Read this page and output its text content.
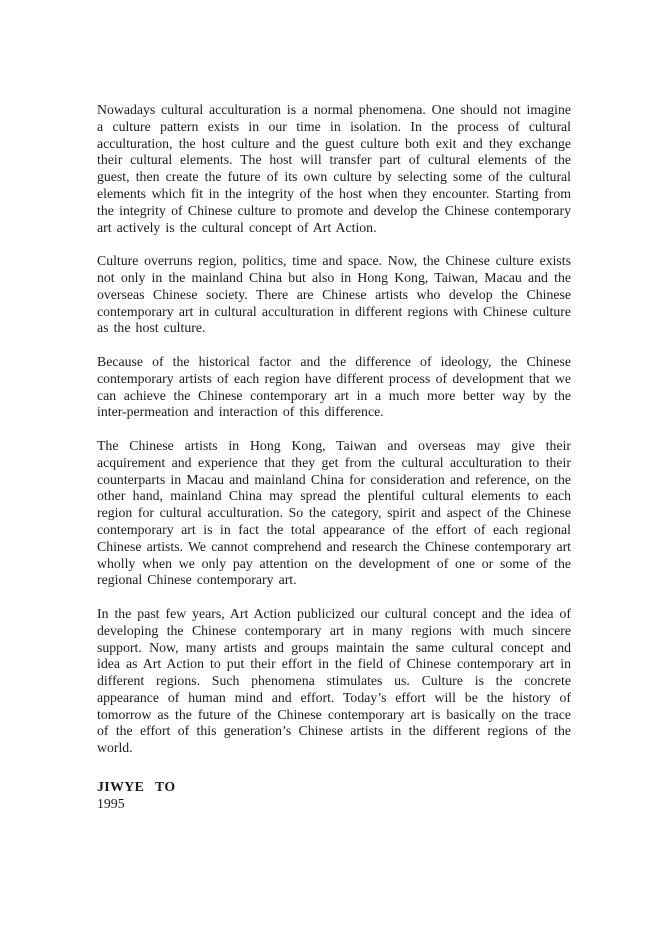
Nowadays cultural acculturation is a normal phenomena. One should not imagine a culture pattern exists in our time in isolation. In the process of cultural acculturation, the host culture and the guest culture both exit and they exchange their cultural elements. The host will transfer part of cultural elements of the guest, then create the future of its own culture by selecting some of the cultural elements which fit in the integrity of the host when they encounter. Starting from the integrity of Chinese culture to promote and develop the Chinese contemporary art actively is the cultural concept of Art Action.

Culture overruns region, politics, time and space. Now, the Chinese culture exists not only in the mainland China but also in Hong Kong, Taiwan, Macau and the overseas Chinese society. There are Chinese artists who develop the Chinese contemporary art in cultural acculturation in different regions with Chinese culture as the host culture.

Because of the historical factor and the difference of ideology, the Chinese contemporary artists of each region have different process of development that we can achieve the Chinese contemporary art in a much more better way by the inter-permeation and interaction of this difference.

The Chinese artists in Hong Kong, Taiwan and overseas may give their acquirement and experience that they get from the cultural acculturation to their counterparts in Macau and mainland China for consideration and reference, on the other hand, mainland China may spread the plentiful cultural elements to each region for cultural acculturation. So the category, spirit and aspect of the Chinese contemporary art is in fact the total appearance of the effort of each regional Chinese artists. We cannot comprehend and research the Chinese contemporary art wholly when we only pay attention on the development of one or some of the regional Chinese contemporary art.

In the past few years, Art Action publicized our cultural concept and the idea of developing the Chinese contemporary art in many regions with much sincere support. Now, many artists and groups maintain the same cultural concept and idea as Art Action to put their effort in the field of Chinese contemporary art in different regions. Such phenomena stimulates us. Culture is the concrete appearance of human mind and effort. Today’s effort will be the history of tomorrow as the future of the Chinese contemporary art is basically on the trace of the effort of this generation’s Chinese artists in the different regions of the world.

JIWYE  TO
1995
